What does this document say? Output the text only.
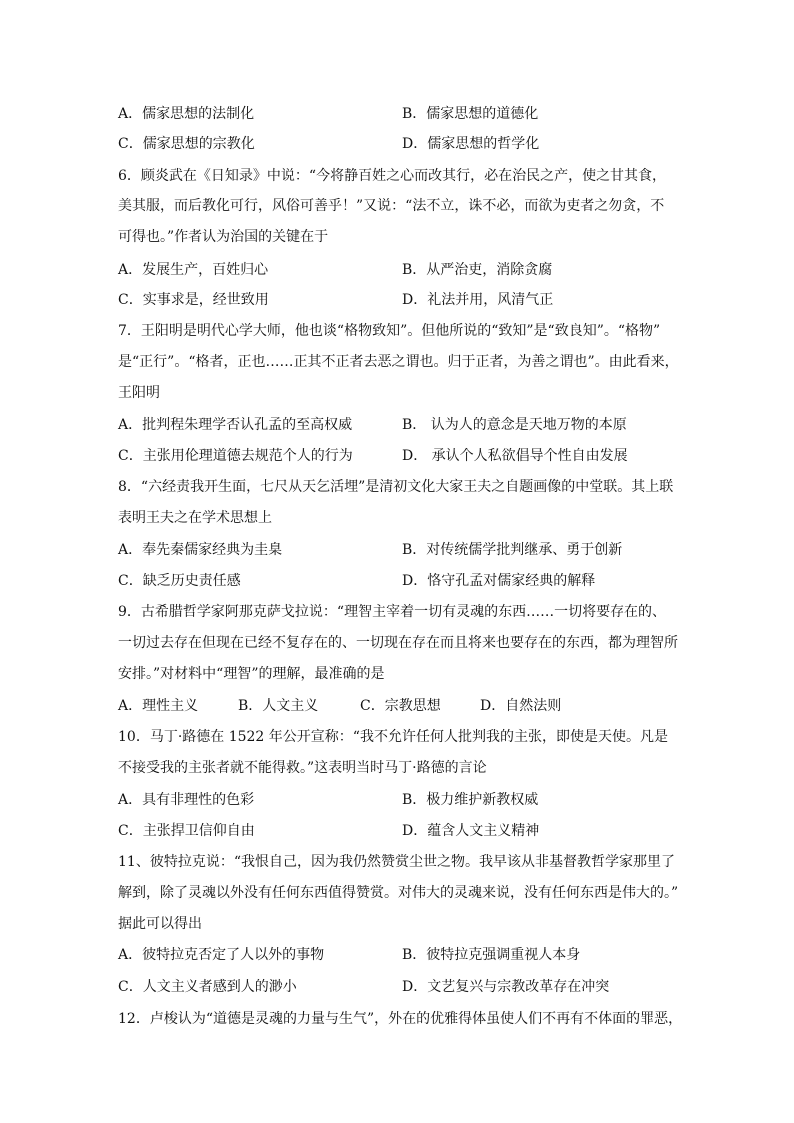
A．儒家思想的法制化	B．儒家思想的道德化
C．儒家思想的宗教化	D．儒家思想的哲学化
6．顾炎武在《日知录》中说：“今将静百姓之心而改其行，必在治民之产，使之甘其食，
美其服，而后教化可行，风俗可善乎！”又说：“法不立，诛不必，而欲为吏者之勿贪，不
可得也。”作者认为治国的关键在于
A．发展生产，百姓归心	B．从严治吏，消除贪腐
C．实事求是，经世致用	D．礼法并用，风清气正
7．王阳明是明代心学大师，他也谈“格物致知”。但他所说的“致知”是“致良知”。“格物”
是“正行”。“格者，正也……正其不正者去恶之谓也。归于正者，为善之谓也”。由此看来，
王阳明
A．批判程朱理学否认孔孟的至高权威	B． 认为人的意念是天地万物的本原
C．主张用伦理道德去规范个人的行为	D． 承认个人私欲倡导个性自由发展
8．“六经责我开生面，七尺从天乞活埋”是清初文化大家王夫之自题画像的中堂联。其上联
表明王夫之在学术思想上
A．奉先秦儒家经典为圭臬	B．对传统儒学批判继承、勇于创新
C．缺乏历史责任感	D．恪守孔孟对儒家经典的解释
9．古希腊哲学家阿那克萨戈拉说：“理智主宰着一切有灵魂的东西……一切将要存在的、
一切过去存在但现在已经不复存在的、一切现在存在而且将来也要存在的东西，都为理智所
安排。”对材料中“理智”的理解，最准确的是
A．理性主义	B．人文主义	C．宗教思想	D．自然法则
10．马丁·路德在 1522 年公开宣称：“我不允许任何人批判我的主张，即使是天使。凡是
不接受我的主张者就不能得救。”这表明当时马丁·路德的言论
A．具有非理性的色彩	B．极力维护新教权威
C．主张捍卫信仰自由	D．蕴含人文主义精神
11、彼特拉克说：“我恨自己，因为我仍然赞赏尘世之物。我早该从非基督教哲学家那里了
解到，除了灵魂以外没有任何东西值得赞赏。对伟大的灵魂来说，没有任何东西是伟大的。”
据此可以得出
A．彼特拉克否定了人以外的事物	B．彼特拉克强调重视人本身
C．人文主义者感到人的渺小	D．文艺复兴与宗教改革存在冲突
12．卢梭认为“道德是灵魂的力量与生气”，外在的优雅得体虽使人们不再有不体面的罪恶，
